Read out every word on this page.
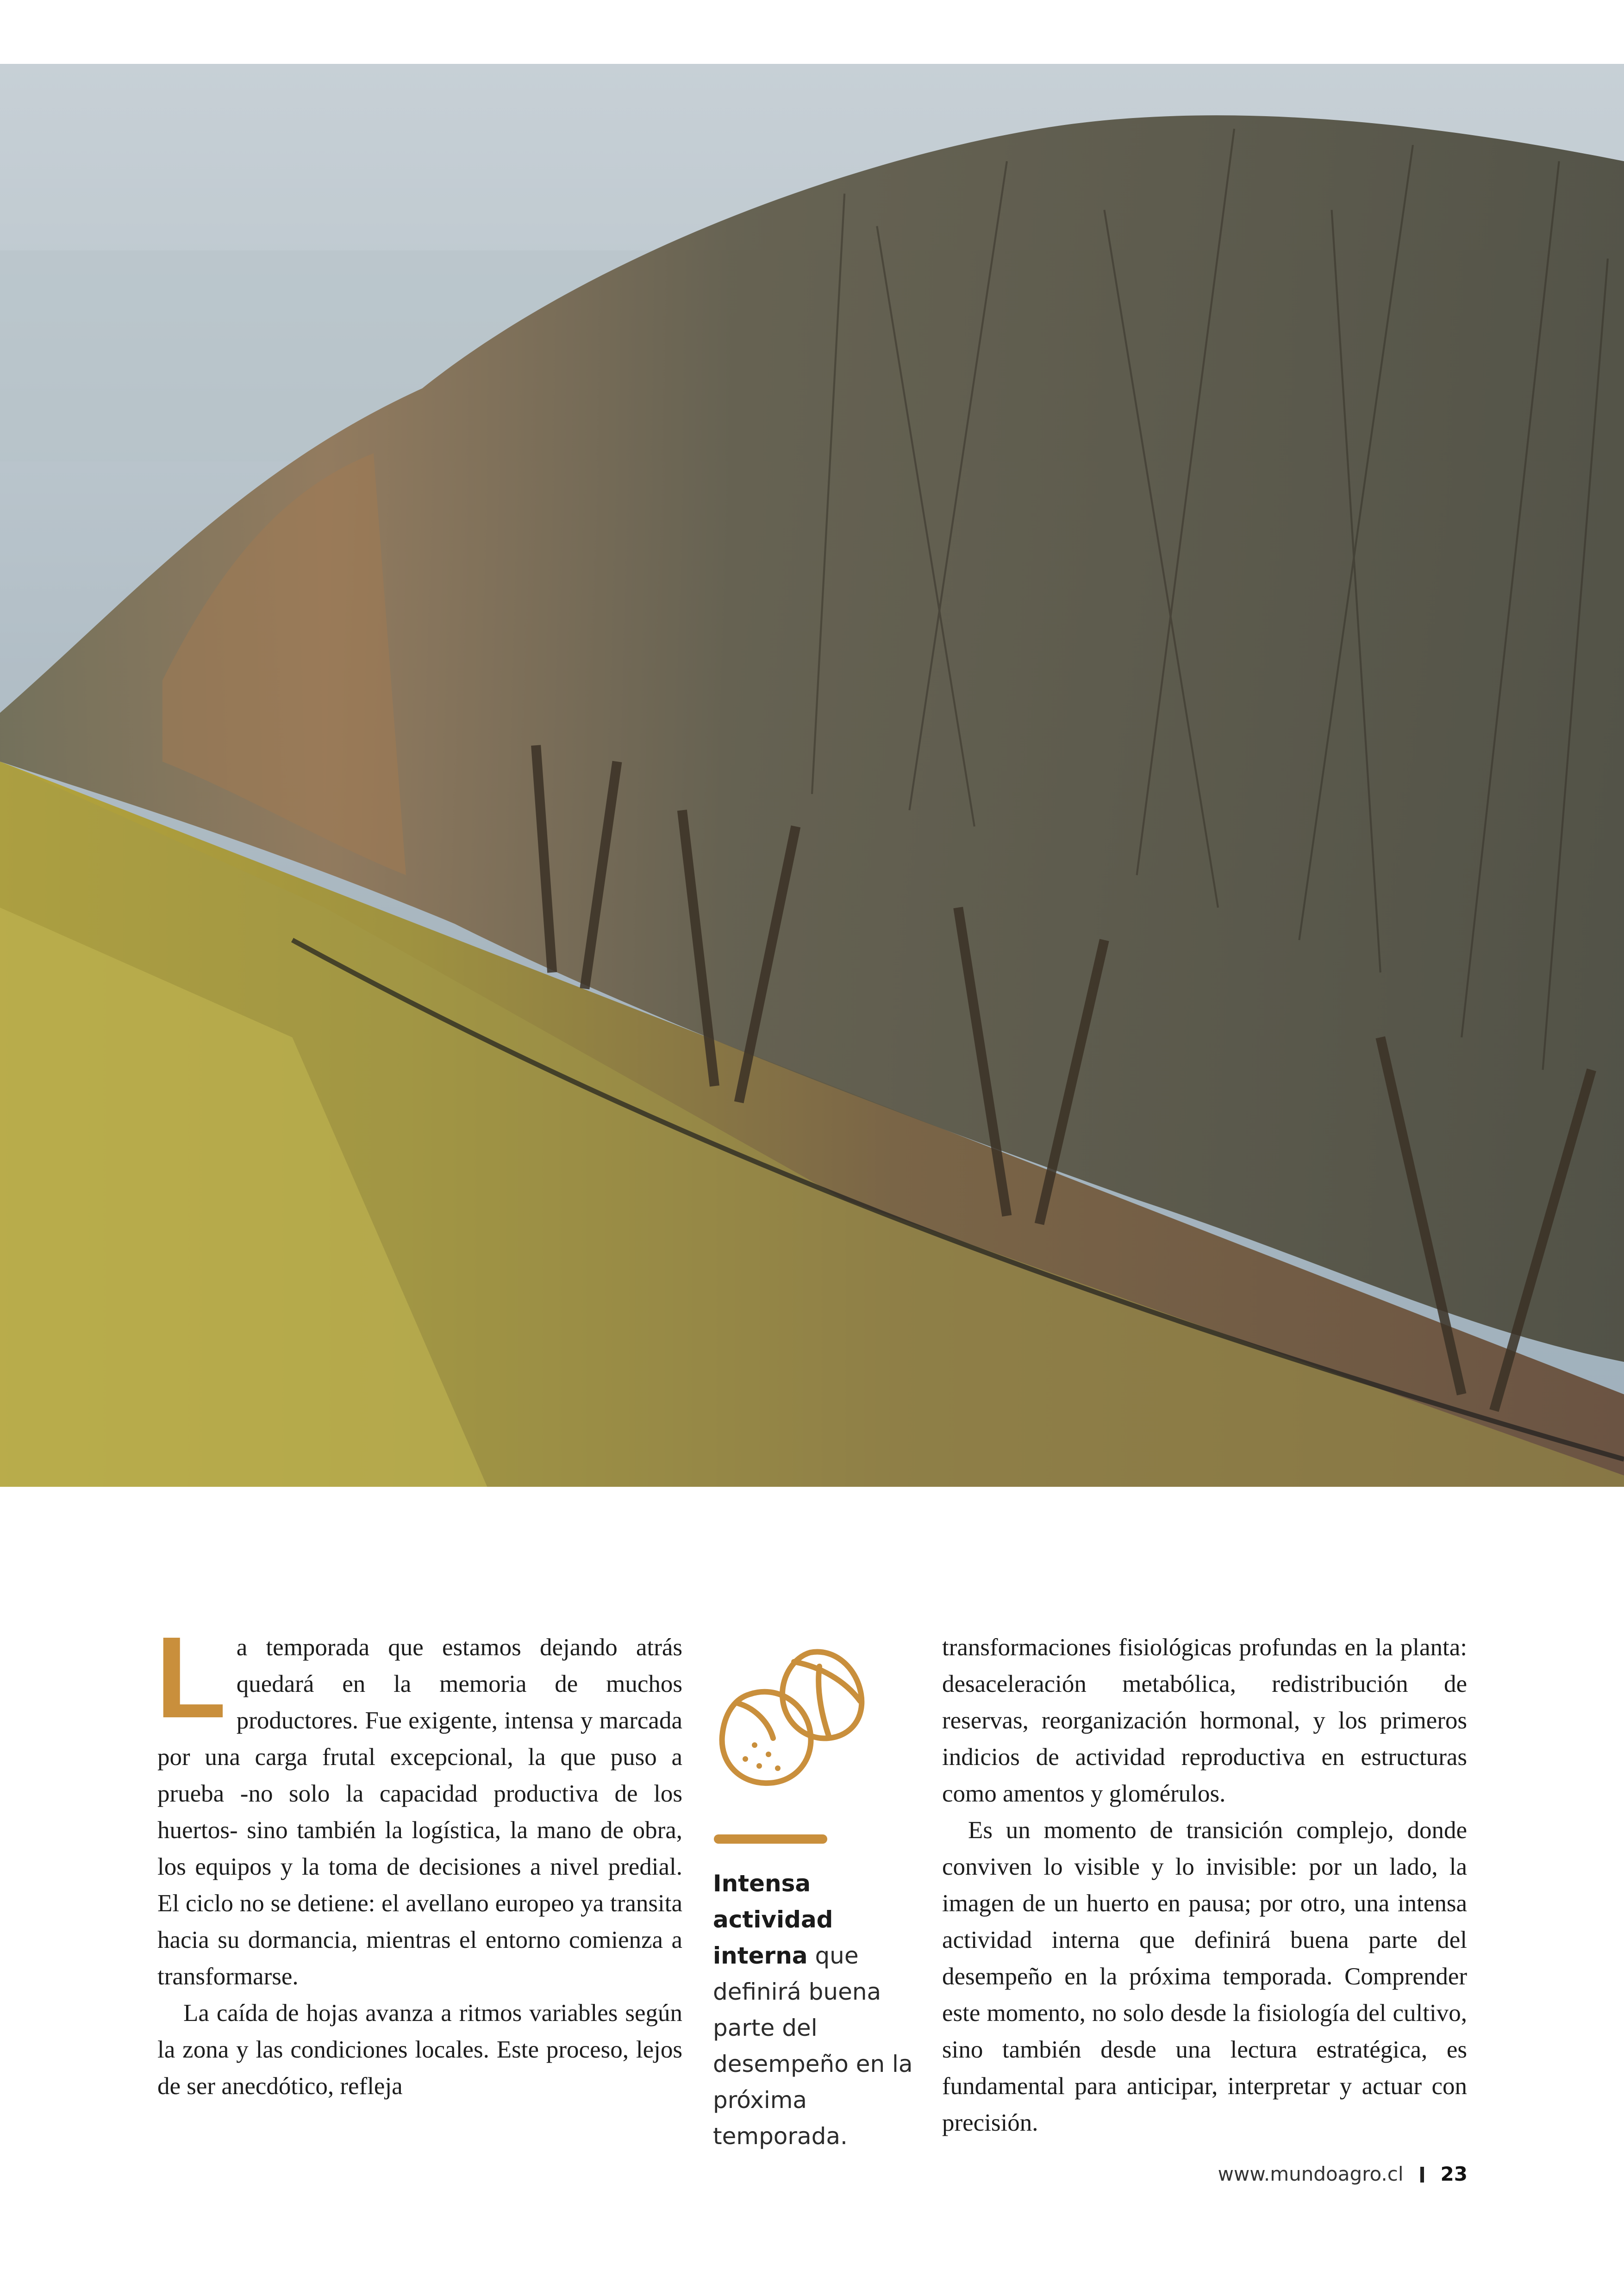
La temporada que estamos dejando atrás quedará en la memoria de muchos productores. Fue exigente, intensa y marcada por una carga frutal excepcional, la que puso a prueba -no solo la capacidad productiva de los huertos- sino también la logística, la mano de obra, los equipos y la toma de decisiones a nivel predial. El ciclo no se detiene: el avellano europeo ya transita hacia su dormancia, mientras el entorno comienza a transformarse.

La caída de hojas avanza a ritmos variables según la zona y las condiciones locales. Este proceso, lejos de ser anecdótico, refleja

Intensa actividad interna que definirá buena parte del desempeño en la próxima temporada.

transformaciones fisiológicas profundas en la planta: desaceleración metabólica, redistribución de reservas, reorganización hormonal, y los primeros indicios de actividad reproductiva en estructuras como amentos y glomérulos.

Es un momento de transición complejo, donde conviven lo visible y lo invisible: por un lado, la imagen de un huerto en pausa; por otro, una intensa actividad interna que definirá buena parte del desempeño en la próxima temporada. Comprender este momento, no solo desde la fisiología del cultivo, sino también desde una lectura estratégica, es fundamental para anticipar, interpretar y actuar con precisión.

www.mundoagro.cl 23
